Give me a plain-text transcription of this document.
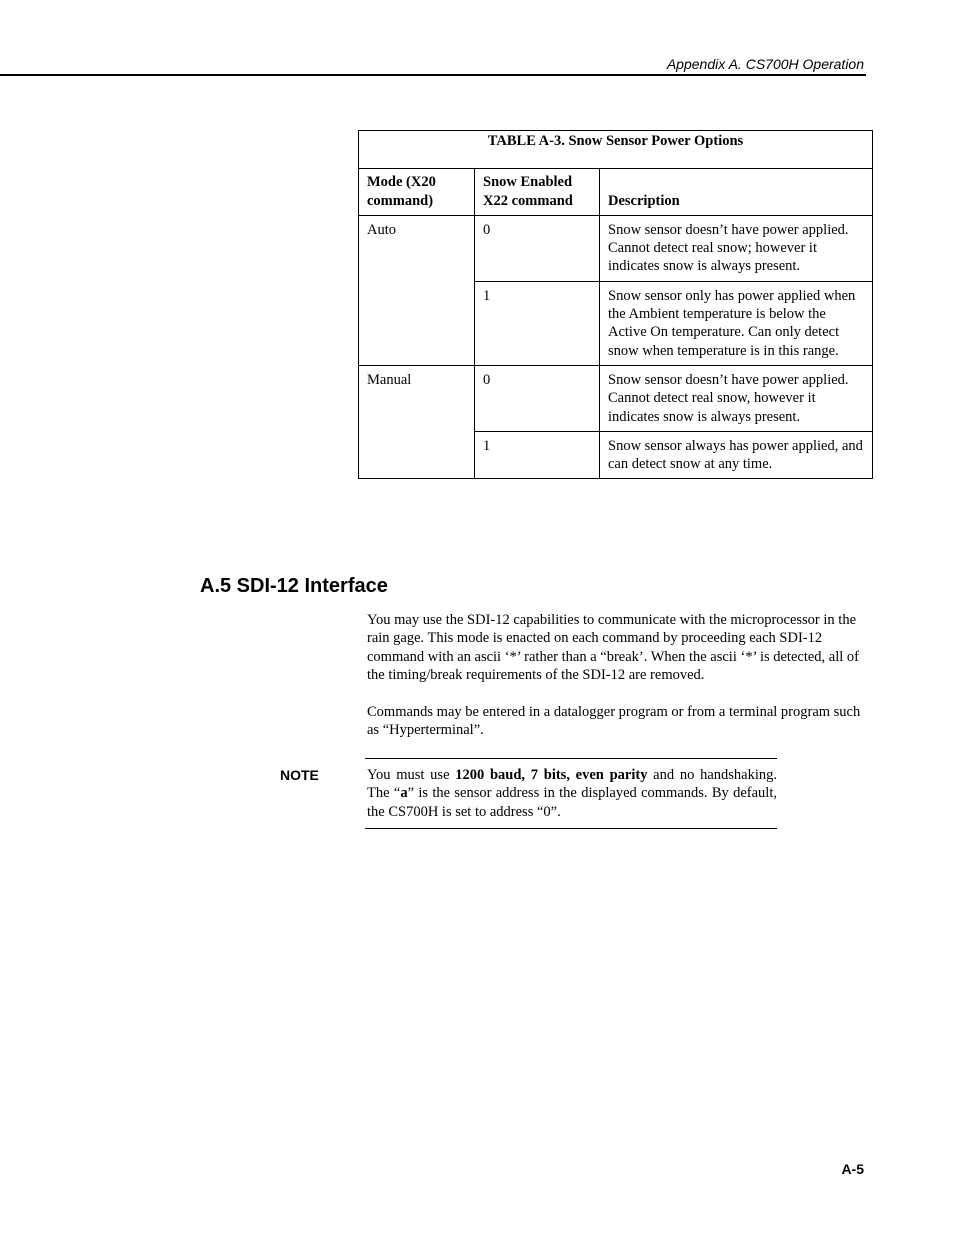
Appendix A. CS700H Operation
TABLE A-3. Snow Sensor Power Options		
Mode (X20 command)	Snow Enabled X22 command	Description
Auto	0	Snow sensor doesn’t have power applied. Cannot detect real snow; however it indicates snow is always present.
	1	Snow sensor only has power applied when the Ambient temperature is below the Active On temperature. Can only detect snow when temperature is in this range.
Manual	0	Snow sensor doesn’t have power applied. Cannot detect real snow, however it indicates snow is always present.
	1	Snow sensor always has power applied, and can detect snow at any time.
A.5 SDI-12 Interface
You may use the SDI-12 capabilities to communicate with the microprocessor in the rain gage. This mode is enacted on each command by proceeding each SDI-12 command with an ascii ‘*’ rather than a “break’. When the ascii ‘*’ is detected, all of the timing/break requirements of the SDI-12 are removed.
Commands may be entered in a datalogger program or from a terminal program such as “Hyperterminal”.
NOTE	You must use 1200 baud, 7 bits, even parity and no handshaking. The “a” is the sensor address in the displayed commands. By default, the CS700H is set to address “0”.
A-5
